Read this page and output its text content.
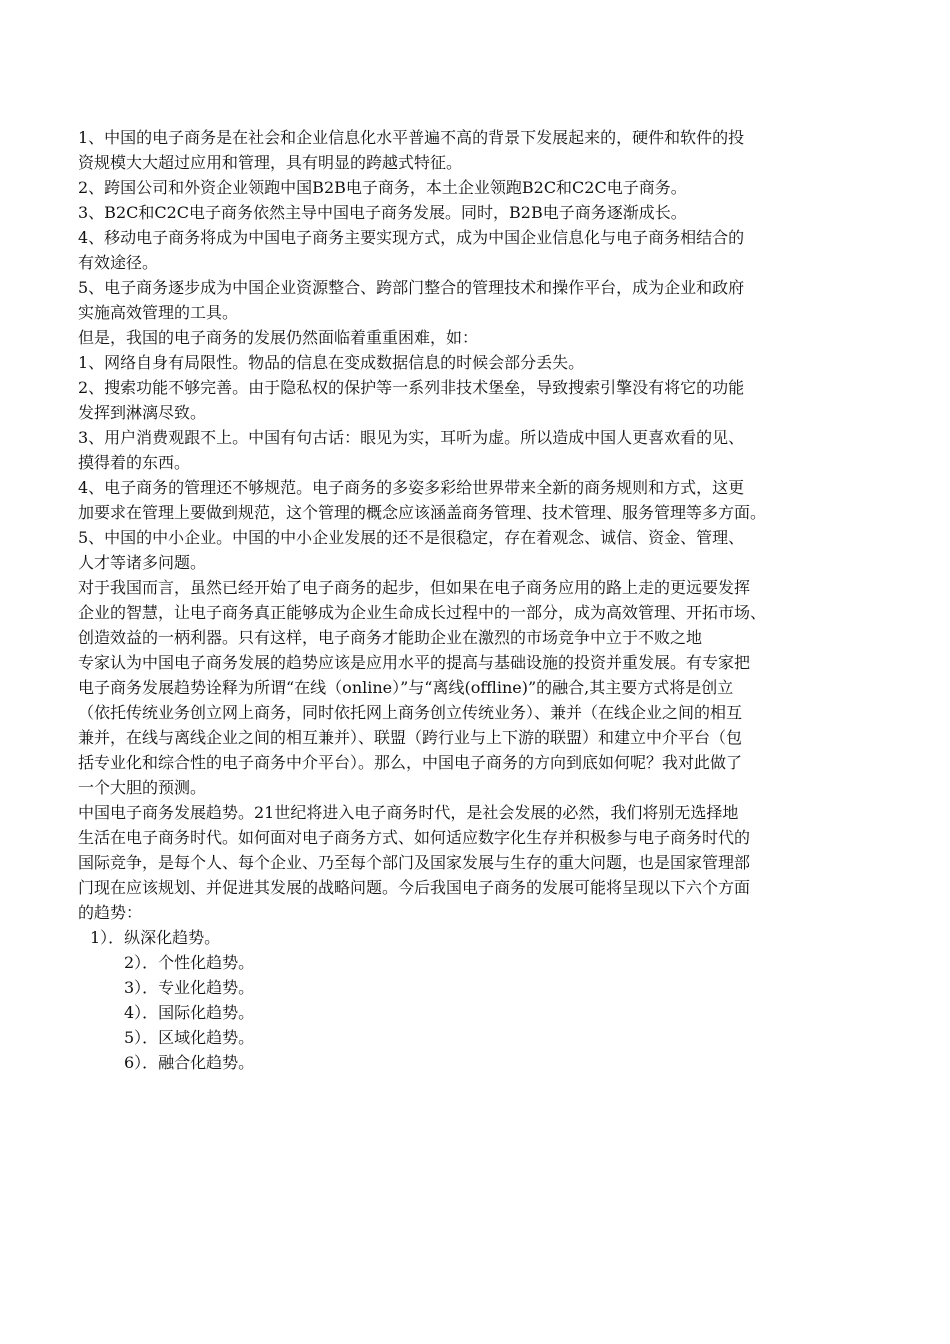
1、中国的电子商务是在社会和企业信息化水平普遍不高的背景下发展起来的，硬件和软件的投
资规模大大超过应用和管理，具有明显的跨越式特征。
2、跨国公司和外资企业领跑中国B2B电子商务，本土企业领跑B2C和C2C电子商务。
3、B2C和C2C电子商务依然主导中国电子商务发展。同时，B2B电子商务逐渐成长。
4、移动电子商务将成为中国电子商务主要实现方式，成为中国企业信息化与电子商务相结合的
有效途径。
5、电子商务逐步成为中国企业资源整合、跨部门整合的管理技术和操作平台，成为企业和政府
实施高效管理的工具。
但是，我国的电子商务的发展仍然面临着重重困难，如：
1、网络自身有局限性。物品的信息在变成数据信息的时候会部分丢失。
2、搜索功能不够完善。由于隐私权的保护等一系列非技术堡垒，导致搜索引擎没有将它的功能
发挥到淋漓尽致。
3、用户消费观跟不上。中国有句古话：眼见为实，耳听为虚。所以造成中国人更喜欢看的见、
摸得着的东西。
4、电子商务的管理还不够规范。电子商务的多姿多彩给世界带来全新的商务规则和方式，这更
加要求在管理上要做到规范，这个管理的概念应该涵盖商务管理、技术管理、服务管理等多方面。
5、中国的中小企业。中国的中小企业发展的还不是很稳定，存在着观念、诚信、资金、管理、
人才等诸多问题。
对于我国而言，虽然已经开始了电子商务的起步，但如果在电子商务应用的路上走的更远要发挥
企业的智慧，让电子商务真正能够成为企业生命成长过程中的一部分，成为高效管理、开拓市场、
创造效益的一柄利器。只有这样，电子商务才能助企业在激烈的市场竞争中立于不败之地
专家认为中国电子商务发展的趋势应该是应用水平的提高与基础设施的投资并重发展。有专家把
电子商务发展趋势诠释为所谓“在线（online）”与“离线(offline)”的融合,其主要方式将是创立
（依托传统业务创立网上商务，同时依托网上商务创立传统业务）、兼并（在线企业之间的相互
兼并，在线与离线企业之间的相互兼并）、联盟（跨行业与上下游的联盟）和建立中介平台（包
括专业化和综合性的电子商务中介平台）。那么，中国电子商务的方向到底如何呢？我对此做了
一个大胆的预测。
中国电子商务发展趋势。21世纪将进入电子商务时代，是社会发展的必然，我们将别无选择地
生活在电子商务时代。如何面对电子商务方式、如何适应数字化生存并积极参与电子商务时代的
国际竞争，是每个人、每个企业、乃至每个部门及国家发展与生存的重大问题，也是国家管理部
门现在应该规划、并促进其发展的战略问题。今后我国电子商务的发展可能将呈现以下六个方面
的趋势：
1）．纵深化趋势。
2）．个性化趋势。
3）．专业化趋势。
4）．国际化趋势。
5）．区域化趋势。
6）．融合化趋势。
